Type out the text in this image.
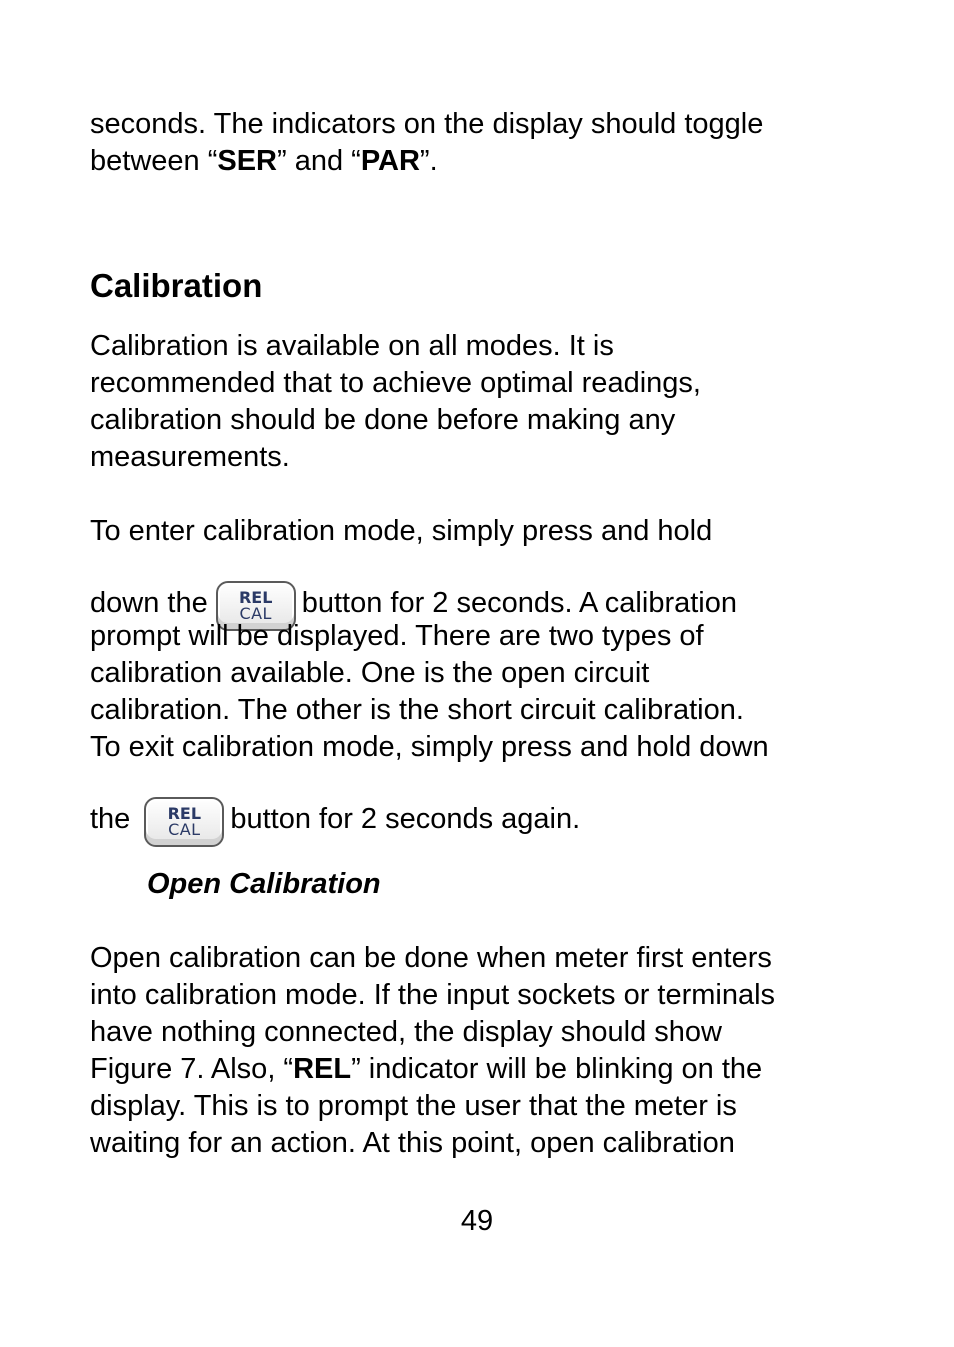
seconds. The indicators on the display should toggle
between “SER” and “PAR”.

Calibration

Calibration is available on all modes. It is
recommended that to achieve optimal readings,
calibration should be done before making any
measurements.

To enter calibration mode, simply press and hold

down the	REL
CAL	button for 2 seconds. A calibration

prompt will be displayed. There are two types of
calibration available. One is the open circuit
calibration. The other is the short circuit calibration.
To exit calibration mode, simply press and hold down

the	REL
CAL	button for 2 seconds again.
Open Calibration

Open calibration can be done when meter first enters
into calibration mode. If the input sockets or terminals
have nothing connected, the display should show
Figure 7. Also, “REL” indicator will be blinking on the
display. This is to prompt the user that the meter is
waiting for an action. At this point, open calibration

49
